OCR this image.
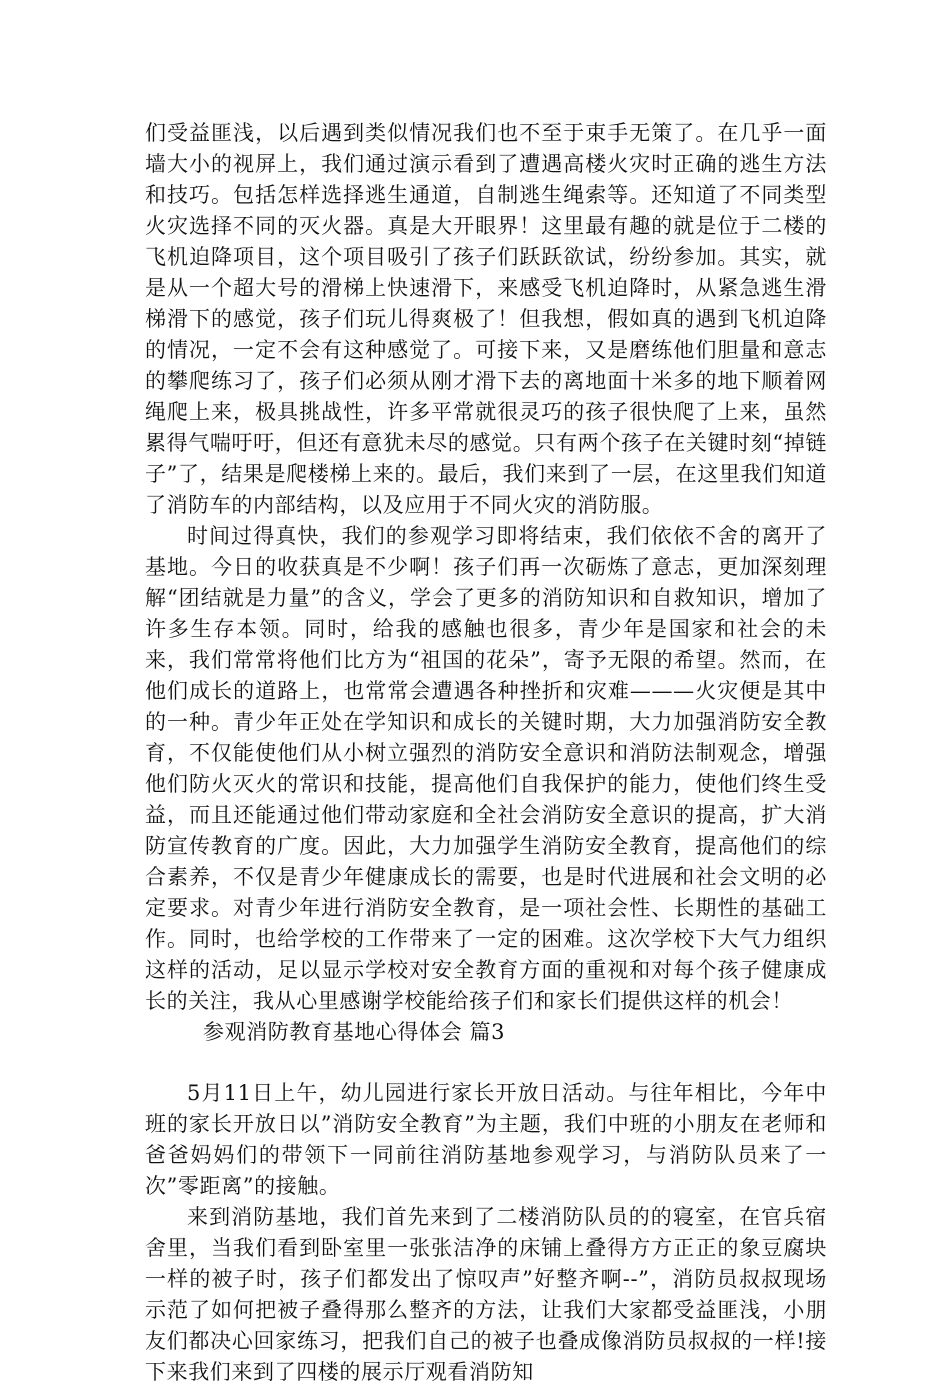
们受益匪浅，以后遇到类似情况我们也不至于束手无策了。在几乎一面墙大小的视屏上，我们通过演示看到了遭遇高楼火灾时正确的逃生方法和技巧。包括怎样选择逃生通道，自制逃生绳索等。还知道了不同类型火灾选择不同的灭火器。真是大开眼界！这里最有趣的就是位于二楼的飞机迫降项目，这个项目吸引了孩子们跃跃欲试，纷纷参加。其实，就是从一个超大号的滑梯上快速滑下，来感受飞机迫降时，从紧急逃生滑梯滑下的感觉，孩子们玩儿得爽极了！但我想，假如真的遇到飞机迫降的情况，一定不会有这种感觉了。可接下来，又是磨练他们胆量和意志的攀爬练习了，孩子们必须从刚才滑下去的离地面十米多的地下顺着网绳爬上来，极具挑战性，许多平常就很灵巧的孩子很快爬了上来，虽然累得气喘吁吁，但还有意犹未尽的感觉。只有两个孩子在关键时刻“掉链子”了，结果是爬楼梯上来的。最后，我们来到了一层，在这里我们知道了消防车的内部结构，以及应用于不同火灾的消防服。

时间过得真快，我们的参观学习即将结束，我们依依不舍的离开了基地。今日的收获真是不少啊！孩子们再一次砺炼了意志，更加深刻理解“团结就是力量”的含义，学会了更多的消防知识和自救知识，增加了许多生存本领。同时，给我的感触也很多，青少年是国家和社会的未来，我们常常将他们比方为“祖国的花朵”，寄予无限的希望。然而，在他们成长的道路上，也常常会遭遇各种挫折和灾难———火灾便是其中的一种。青少年正处在学知识和成长的关键时期，大力加强消防安全教育，不仅能使他们从小树立强烈的消防安全意识和消防法制观念，增强他们防火灭火的常识和技能，提高他们自我保护的能力，使他们终生受益，而且还能通过他们带动家庭和全社会消防安全意识的提高，扩大消防宣传教育的广度。因此，大力加强学生消防安全教育，提高他们的综合素养，不仅是青少年健康成长的需要，也是时代进展和社会文明的必定要求。对青少年进行消防安全教育，是一项社会性、长期性的基础工作。同时，也给学校的工作带来了一定的困难。这次学校下大气力组织这样的活动，足以显示学校对安全教育方面的重视和对每个孩子健康成长的关注，我从心里感谢学校能给孩子们和家长们提供这样的机会！

参观消防教育基地心得体会 篇3

5月11日上午，幼儿园进行家长开放日活动。与往年相比，今年中班的家长开放日以”消防安全教育”为主题，我们中班的小朋友在老师和爸爸妈妈们的带领下一同前往消防基地参观学习，与消防队员来了一次”零距离”的接触。

来到消防基地，我们首先来到了二楼消防队员的的寝室，在官兵宿舍里，当我们看到卧室里一张张洁净的床铺上叠得方方正正的象豆腐块一样的被子时，孩子们都发出了惊叹声”好整齐啊--”，消防员叔叔现场示范了如何把被子叠得那么整齐的方法，让我们大家都受益匪浅，小朋友们都决心回家练习，把我们自己的被子也叠成像消防员叔叔的一样!接下来我们来到了四楼的展示厅观看消防知
